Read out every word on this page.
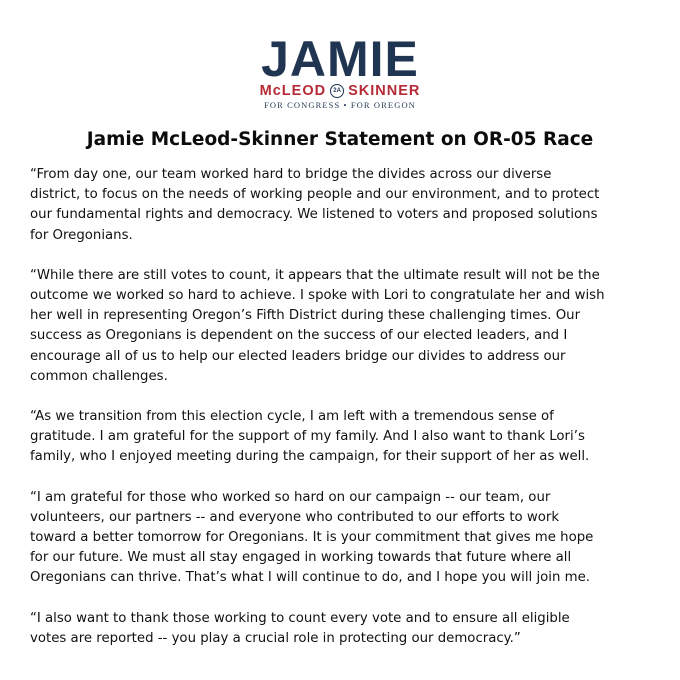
JAMIE
McLEOD	2A SKINNER
FOR CONGRESS • FOR OREGON
Jamie McLeod-Skinner Statement on OR-05 Race

“From day one, our team worked hard to bridge the divides across our diverse
district, to focus on the needs of working people and our environment, and to protect
our fundamental rights and democracy. We listened to voters and proposed solutions
for Oregonians.

“While there are still votes to count, it appears that the ultimate result will not be the
outcome we worked so hard to achieve. I spoke with Lori to congratulate her and wish
her well in representing Oregon’s Fifth District during these challenging times. Our
success as Oregonians is dependent on the success of our elected leaders, and I
encourage all of us to help our elected leaders bridge our divides to address our
common challenges.

“As we transition from this election cycle, I am left with a tremendous sense of
gratitude. I am grateful for the support of my family. And I also want to thank Lori’s
family, who I enjoyed meeting during the campaign, for their support of her as well.

“I am grateful for those who worked so hard on our campaign -- our team, our
volunteers, our partners -- and everyone who contributed to our efforts to work
toward a better tomorrow for Oregonians. It is your commitment that gives me hope
for our future. We must all stay engaged in working towards that future where all
Oregonians can thrive. That’s what I will continue to do, and I hope you will join me.

“I also want to thank those working to count every vote and to ensure all eligible
votes are reported -- you play a crucial role in protecting our democracy.”
